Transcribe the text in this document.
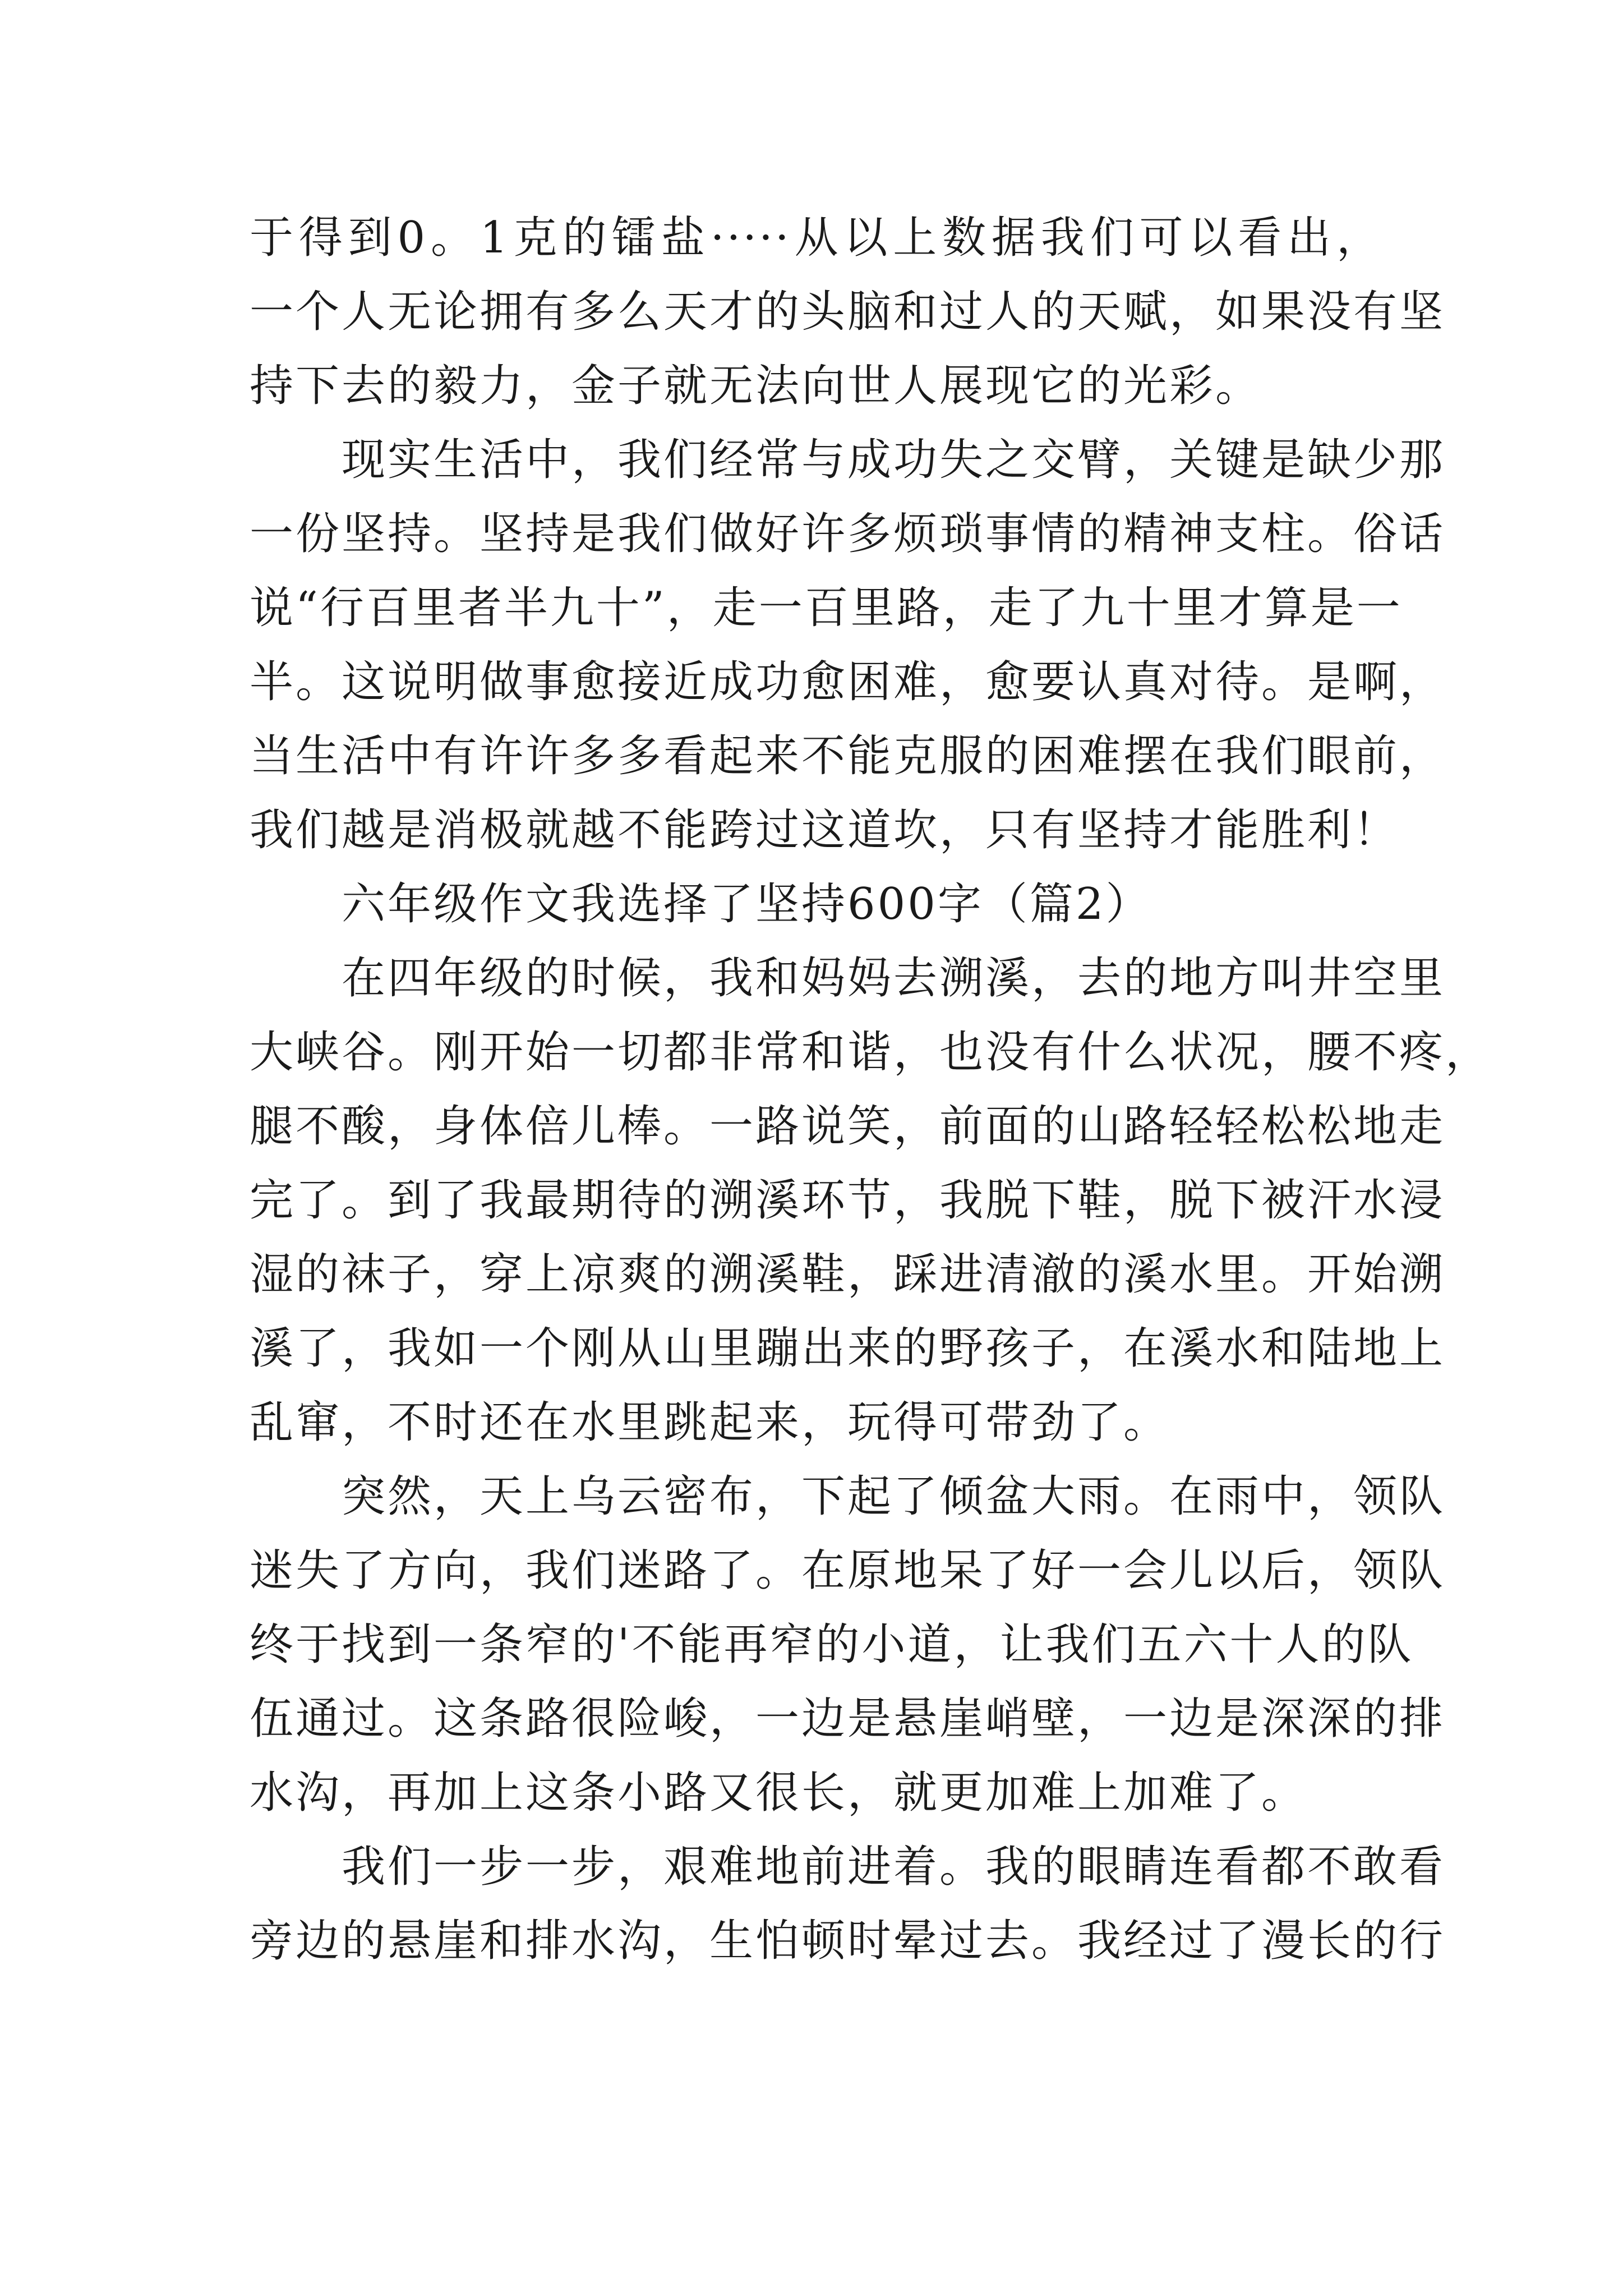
于得到0。1克的镭盐·····从以上数据我们可以看出，
一个人无论拥有多么天才的头脑和过人的天赋，如果没有坚
持下去的毅力，金子就无法向世人展现它的光彩。
　　现实生活中，我们经常与成功失之交臂，关键是缺少那
一份坚持。坚持是我们做好许多烦琐事情的精神支柱。俗话
说“行百里者半九十”，走一百里路，走了九十里才算是一
半。这说明做事愈接近成功愈困难，愈要认真对待。是啊，
当生活中有许许多多看起来不能克服的困难摆在我们眼前，
我们越是消极就越不能跨过这道坎，只有坚持才能胜利！
　　六年级作文我选择了坚持600字（篇2）
　　在四年级的时候，我和妈妈去溯溪，去的地方叫井空里
大峡谷。刚开始一切都非常和谐，也没有什么状况，腰不疼，
腿不酸，身体倍儿棒。一路说笑，前面的山路轻轻松松地走
完了。到了我最期待的溯溪环节，我脱下鞋，脱下被汗水浸
湿的袜子，穿上凉爽的溯溪鞋，踩进清澈的溪水里。开始溯
溪了，我如一个刚从山里蹦出来的野孩子，在溪水和陆地上
乱窜，不时还在水里跳起来，玩得可带劲了。
　　突然，天上乌云密布，下起了倾盆大雨。在雨中，领队
迷失了方向，我们迷路了。在原地呆了好一会儿以后，领队
终于找到一条窄的'不能再窄的小道，让我们五六十人的队
伍通过。这条路很险峻，一边是悬崖峭壁，一边是深深的排
水沟，再加上这条小路又很长，就更加难上加难了。
　　我们一步一步，艰难地前进着。我的眼睛连看都不敢看
旁边的悬崖和排水沟，生怕顿时晕过去。我经过了漫长的行
